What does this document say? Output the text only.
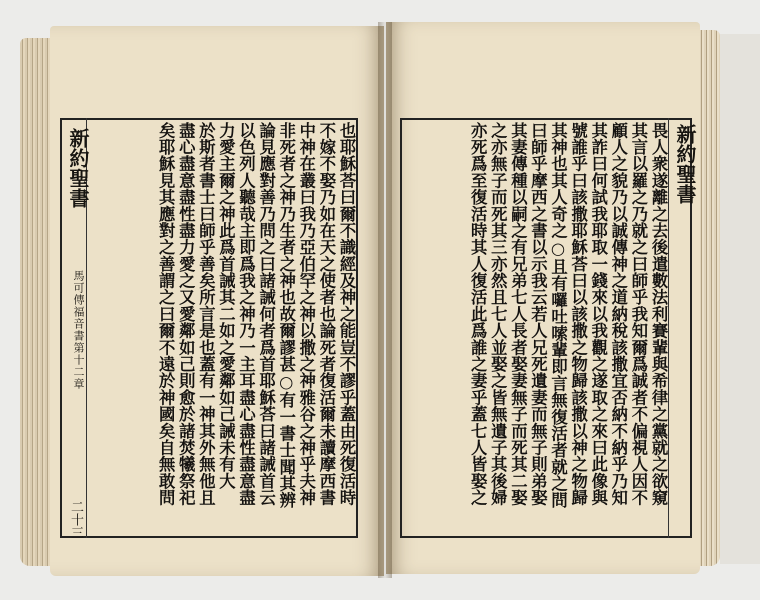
新約聖書
馬可傳福音書第十二章
二十三
新約聖書
也耶穌荅曰爾不識經及神之能豈不謬乎蓋由死復活時
不嫁不娶乃如在天之使者也論死者復活爾未讀摩西書
中神在叢曰我乃亞伯罕之神以撒之神雅谷之神乎夫神
非死者之神乃生者之神也故爾謬甚○有一書士聞其辨
論見應對善乃問之曰諸誡何者爲首耶穌荅曰諸誡首云
以色列人聽哉主即爲我之神乃一主耳盡心盡性盡意盡
力愛主爾之神此爲首誡其二如之愛鄰如己誡未有大
於斯者書士曰師乎善矣所言是也蓋有一神其外無他且
盡心盡意盡性盡力愛之又愛鄰如己則愈於諸焚犧祭祀
矣耶穌見其應對之善謂之曰爾不遠於神國矣自無敢問	畏人衆遂離之去後遣數法利賽輩與希律之黨就之欲窺
其言以羅之乃就之曰師乎我知爾爲誠者不偏視人因不
顧人之貌乃以誠傳神之道納稅該撒宜否納不納乎乃知
其詐曰何試我耶取一錢來以我觀之遂取之來曰此像與
號誰乎曰該撒耶穌荅曰以該撒之物歸該撒以神之物歸
其神也其人奇之○且有囉吐嗦輩即言無復活者就之問
曰師乎摩西之書以示我云若人兄死遺妻而無子則弟娶
其妻傳種以嗣之有兄弟七人長者娶妻無子而死其二娶
之亦無子而死其三亦然且七人並娶之皆無遺子其後婦
亦死爲至復活時其人復活此爲誰之妻乎蓋七人皆娶之
